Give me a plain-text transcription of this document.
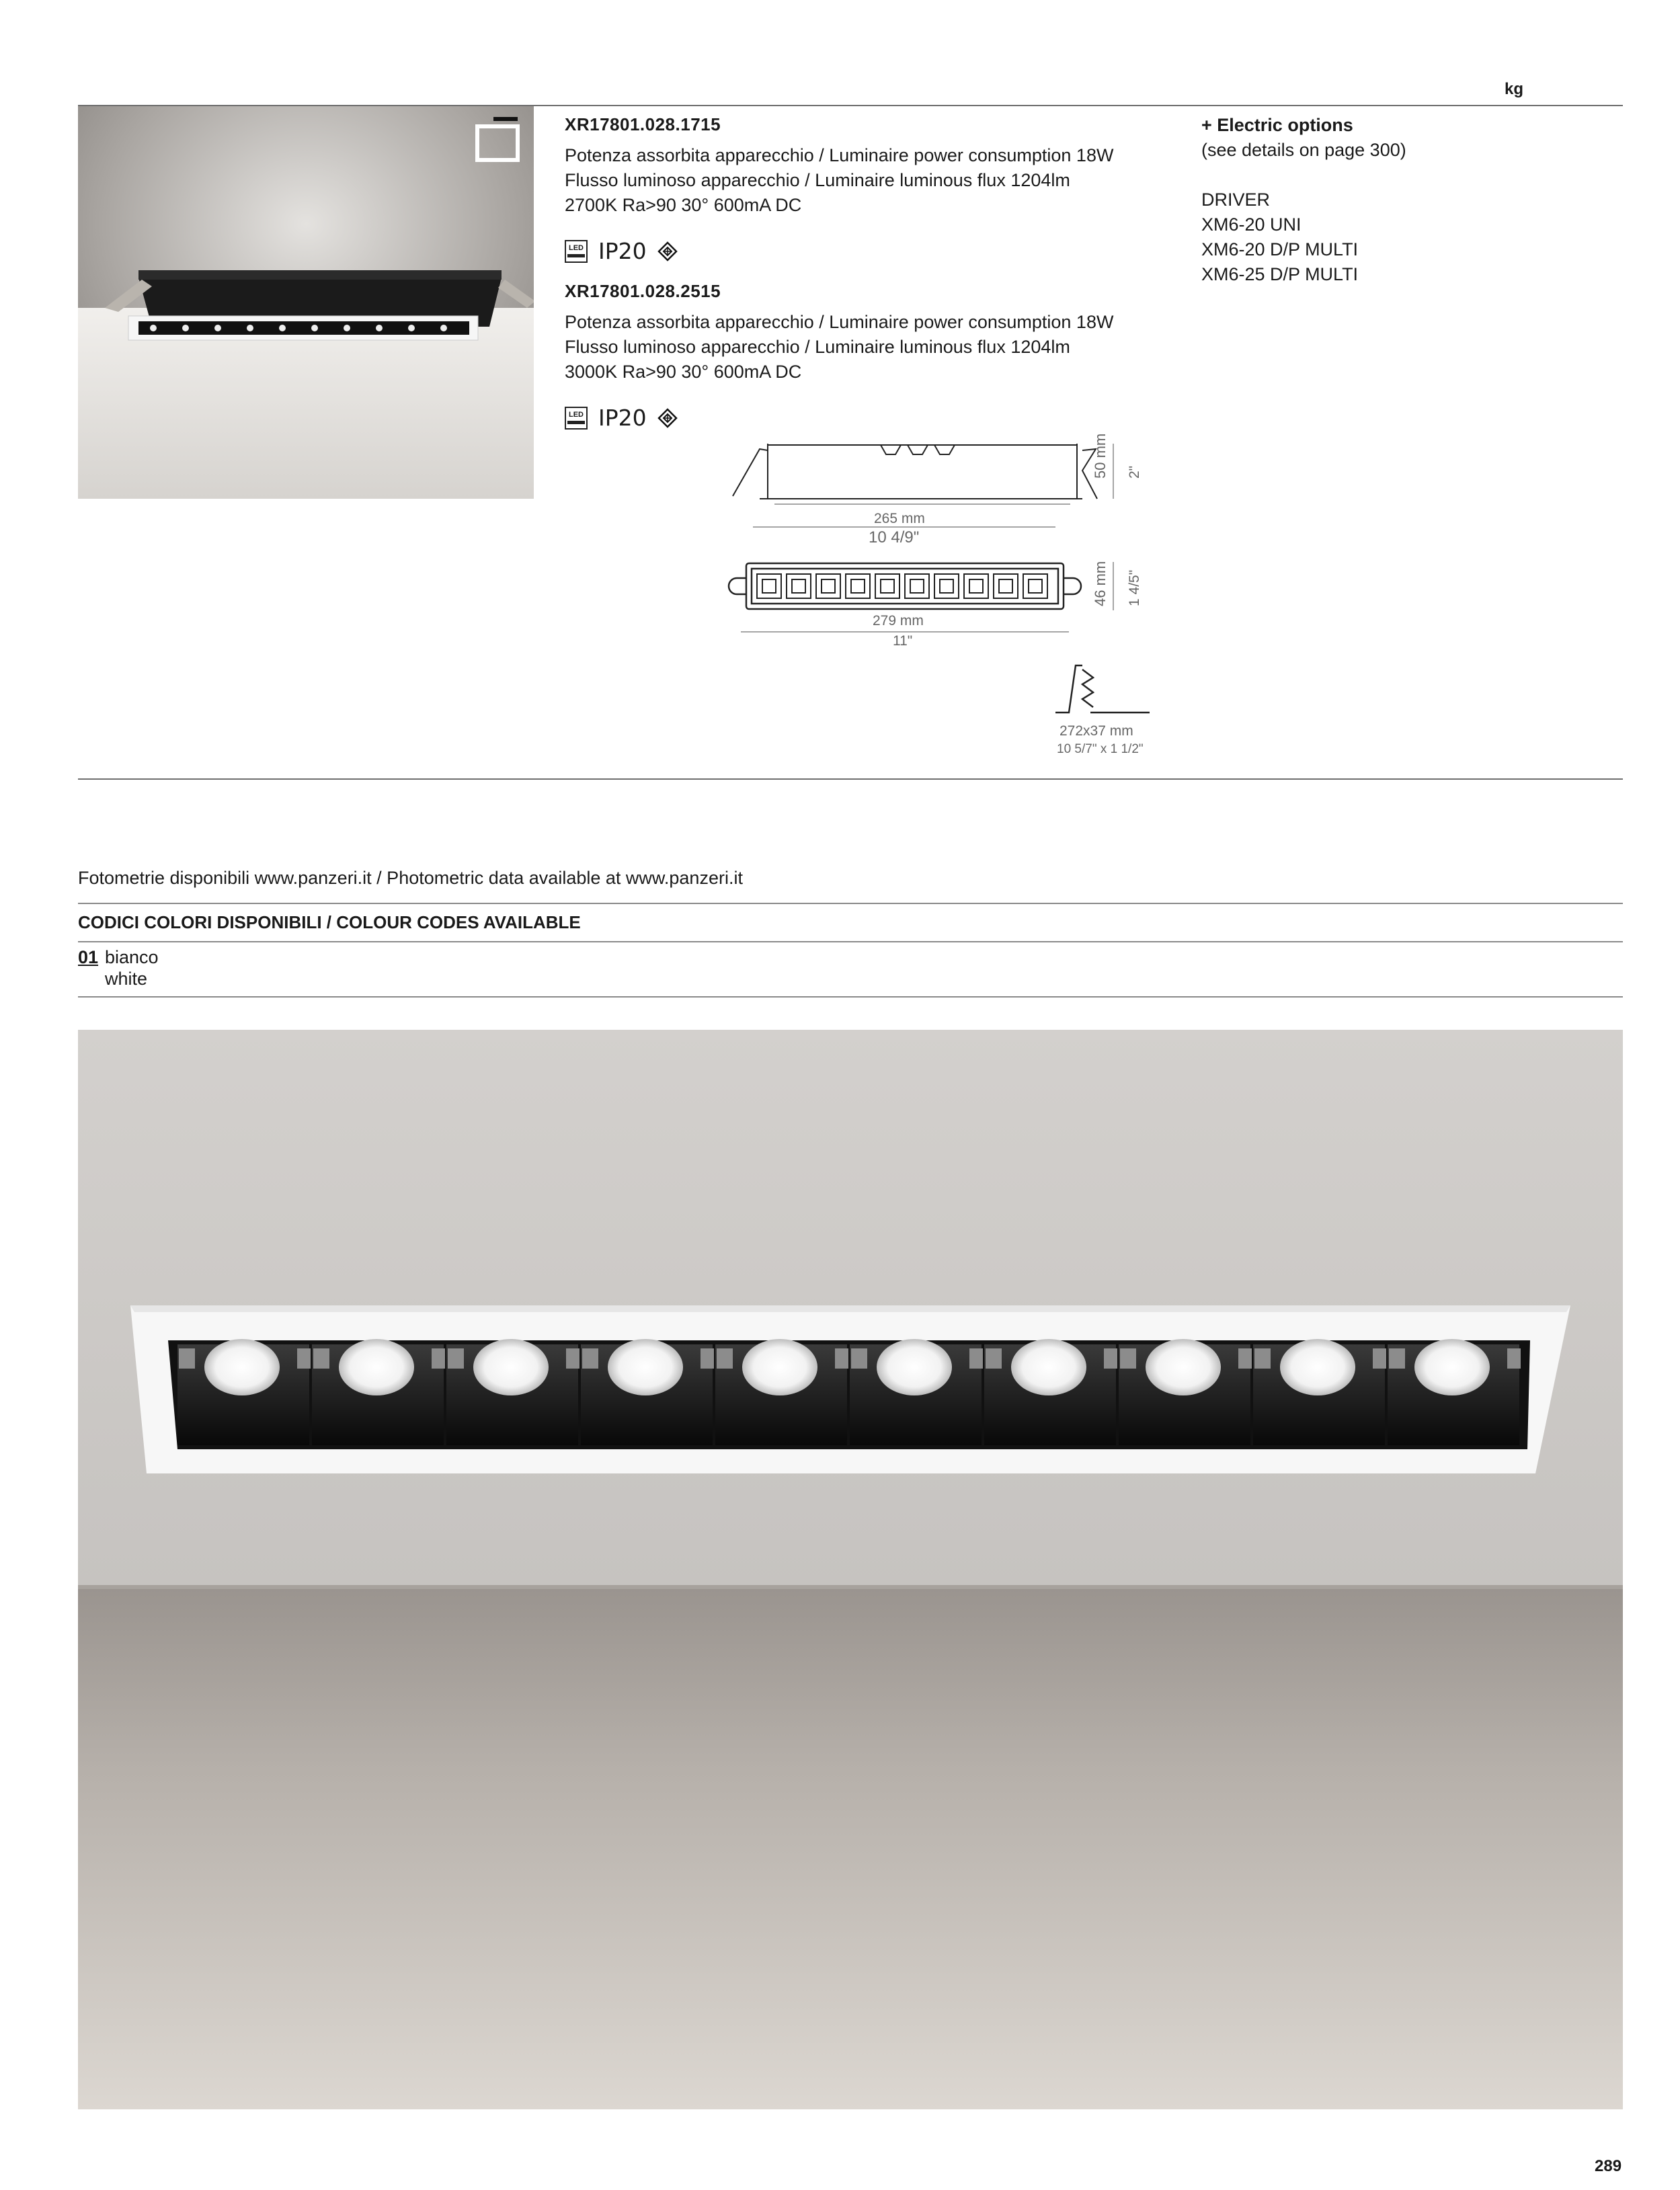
kg
XR17801.028.1715
Potenza assorbita apparecchio / Luminaire power consumption 18W
Flusso luminoso apparecchio / Luminaire luminous flux 1204lm
2700K Ra>90 30° 600mA DC
LED IP20
XR17801.028.2515
Potenza assorbita apparecchio / Luminaire power consumption 18W
Flusso luminoso apparecchio / Luminaire luminous flux 1204lm
3000K Ra>90 30° 600mA DC
LED IP20
+ Electric options
(see details on page 300)
DRIVER
XM6-20 UNI
XM6-20 D/P MULTI
XM6-25 D/P MULTI
265 mm
10 4/9"
279 mm
11"
50 mm 2"
46 mm 1 4/5"
272x37 mm
10 5/7" x 1 1/2"
Fotometrie disponibili www.panzeri.it / Photometric data available at www.panzeri.it
CODICI COLORI DISPONIBILI / COLOUR CODES AVAILABLE
01 bianco
white
289
